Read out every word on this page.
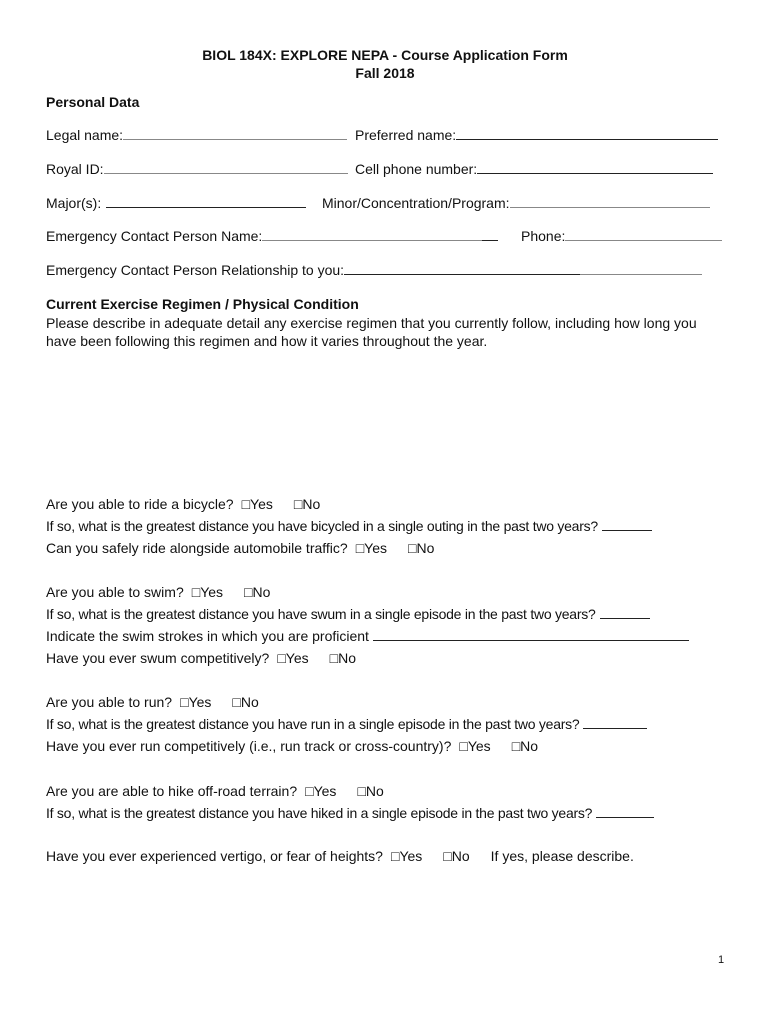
BIOL 184X: EXPLORE NEPA - Course Application Form
Fall 2018
Personal Data
Legal name:	Preferred name:
Royal ID:	Cell phone number:
Major(s):	Minor/Concentration/Program:
Emergency Contact Person Name:	Phone:
Emergency Contact Person Relationship to you:
Current Exercise Regimen / Physical Condition
Please describe in adequate detail any exercise regimen that you currently follow, including how long you have been following this regimen and how it varies throughout the year.
Are you able to ride a bicycle? □Yes □No
If so, what is the greatest distance you have bicycled in a single outing in the past two years?
Can you safely ride alongside automobile traffic? □Yes □No
Are you able to swim? □Yes □No
If so, what is the greatest distance you have swum in a single episode in the past two years?
Indicate the swim strokes in which you are proficient
Have you ever swum competitively? □Yes □No
Are you able to run? □Yes □No
If so, what is the greatest distance you have run in a single episode in the past two years?
Have you ever run competitively (i.e., run track or cross-country)? □Yes □No
Are you are able to hike off-road terrain? □Yes □No
If so, what is the greatest distance you have hiked in a single episode in the past two years?
Have you ever experienced vertigo, or fear of heights? □Yes □No If yes, please describe.
1
